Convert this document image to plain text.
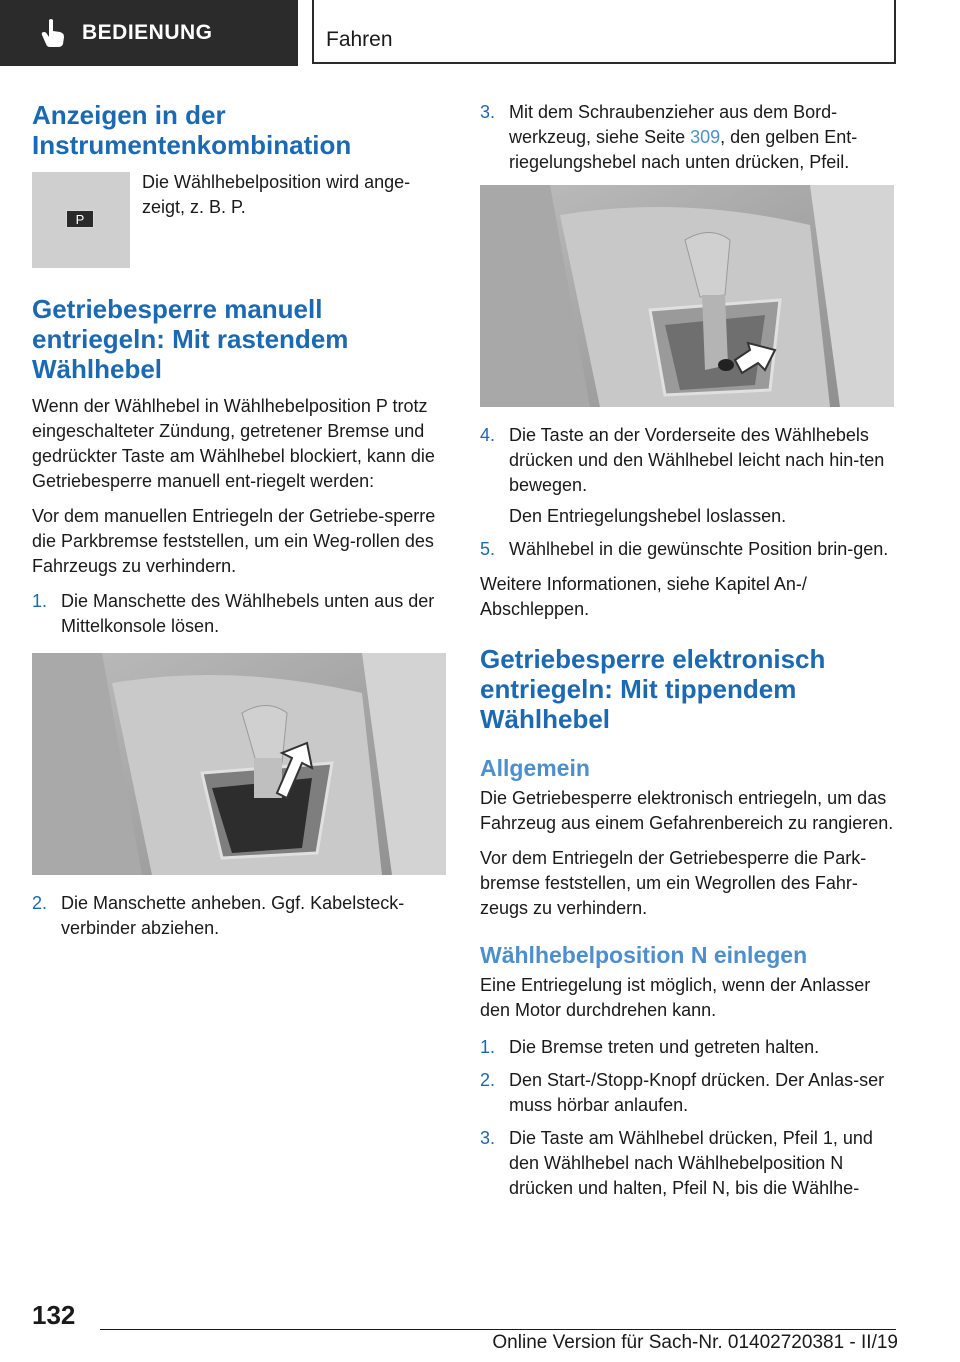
BEDIENUNG	Fahren
Anzeigen in der Instrumentenkombination
P

Die Wählhebelposition wird ange-zeigt, z. B. P.

Getriebesperre manuell entriegeln: Mit rastendem Wählhebel

Wenn der Wählhebel in Wählhebelposition P trotz eingeschalteter Zündung, getretener Bremse und gedrückter Taste am Wählhebel blockiert, kann die Getriebesperre manuell ent-riegelt werden:

Vor dem manuellen Entriegeln der Getriebe-sperre die Parkbremse feststellen, um ein Weg-rollen des Fahrzeugs zu verhindern.

1. Die Manschette des Wählhebels unten aus der Mittelkonsole lösen.
2. Die Manschette anheben. Ggf. Kabelsteck-verbinder abziehen.
3. Mit dem Schraubenzieher aus dem Bord-werkzeug, siehe Seite 309, den gelben Ent-riegelungshebel nach unten drücken, Pfeil.
4. Die Taste an der Vorderseite des Wählhebels drücken und den Wählhebel leicht nach hin-ten bewegen.
Den Entriegelungshebel loslassen.
5. Wählhebel in die gewünschte Position brin-gen.

Weitere Informationen, siehe Kapitel An-/ Abschleppen.

Getriebesperre elektronisch entriegeln: Mit tippendem Wählhebel
Allgemein

Die Getriebesperre elektronisch entriegeln, um das Fahrzeug aus einem Gefahrenbereich zu rangieren.

Vor dem Entriegeln der Getriebesperre die Park-bremse feststellen, um ein Wegrollen des Fahr-zeugs zu verhindern.

Wählhebelposition N einlegen

Eine Entriegelung ist möglich, wenn der Anlasser den Motor durchdrehen kann.

1. Die Bremse treten und getreten halten.
2. Den Start-/Stopp-Knopf drücken. Der Anlas-ser muss hörbar anlaufen.
3. Die Taste am Wählhebel drücken, Pfeil 1, und den Wählhebel nach Wählhebelposition N drücken und halten, Pfeil N, bis die Wählhe-
132
Online Version für Sach-Nr. 01402720381 - II/19
